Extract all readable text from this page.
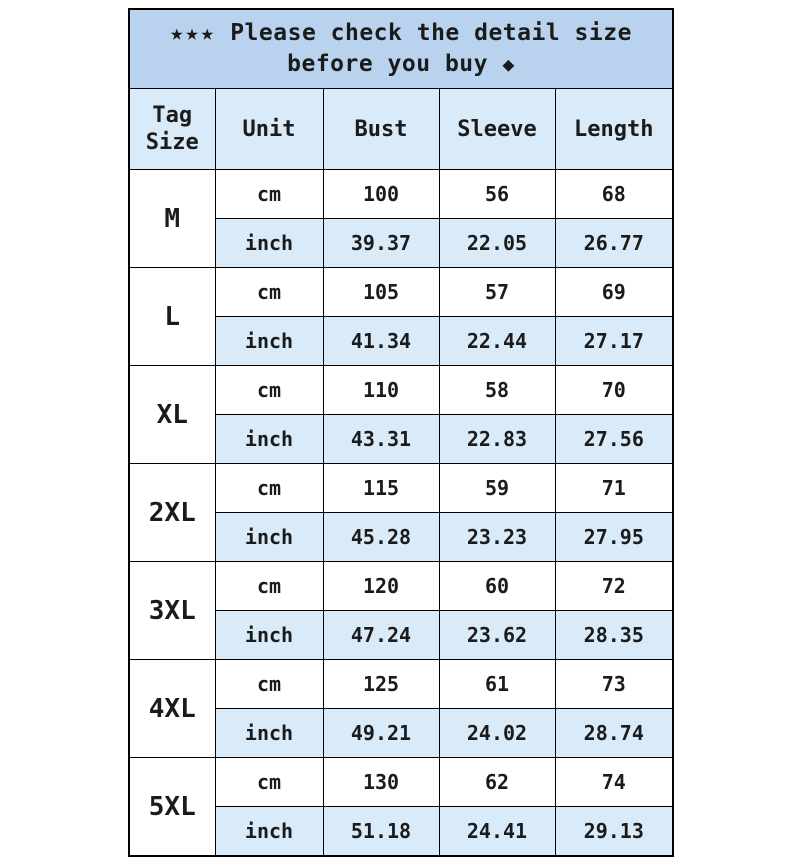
★★★ Please check the detail size before you buy ◆				

Tag
Size	Unit	Bust	Sleeve	Length
M	cm	100	56	68
	inch	39.37	22.05	26.77
L	cm	105	57	69
	inch	41.34	22.44	27.17
XL	cm	110	58	70
	inch	43.31	22.83	27.56
2XL	cm	115	59	71
	inch	45.28	23.23	27.95
3XL	cm	120	60	72
	inch	47.24	23.62	28.35
4XL	cm	125	61	73
	inch	49.21	24.02	28.74
5XL	cm	130	62	74
	inch	51.18	24.41	29.13
